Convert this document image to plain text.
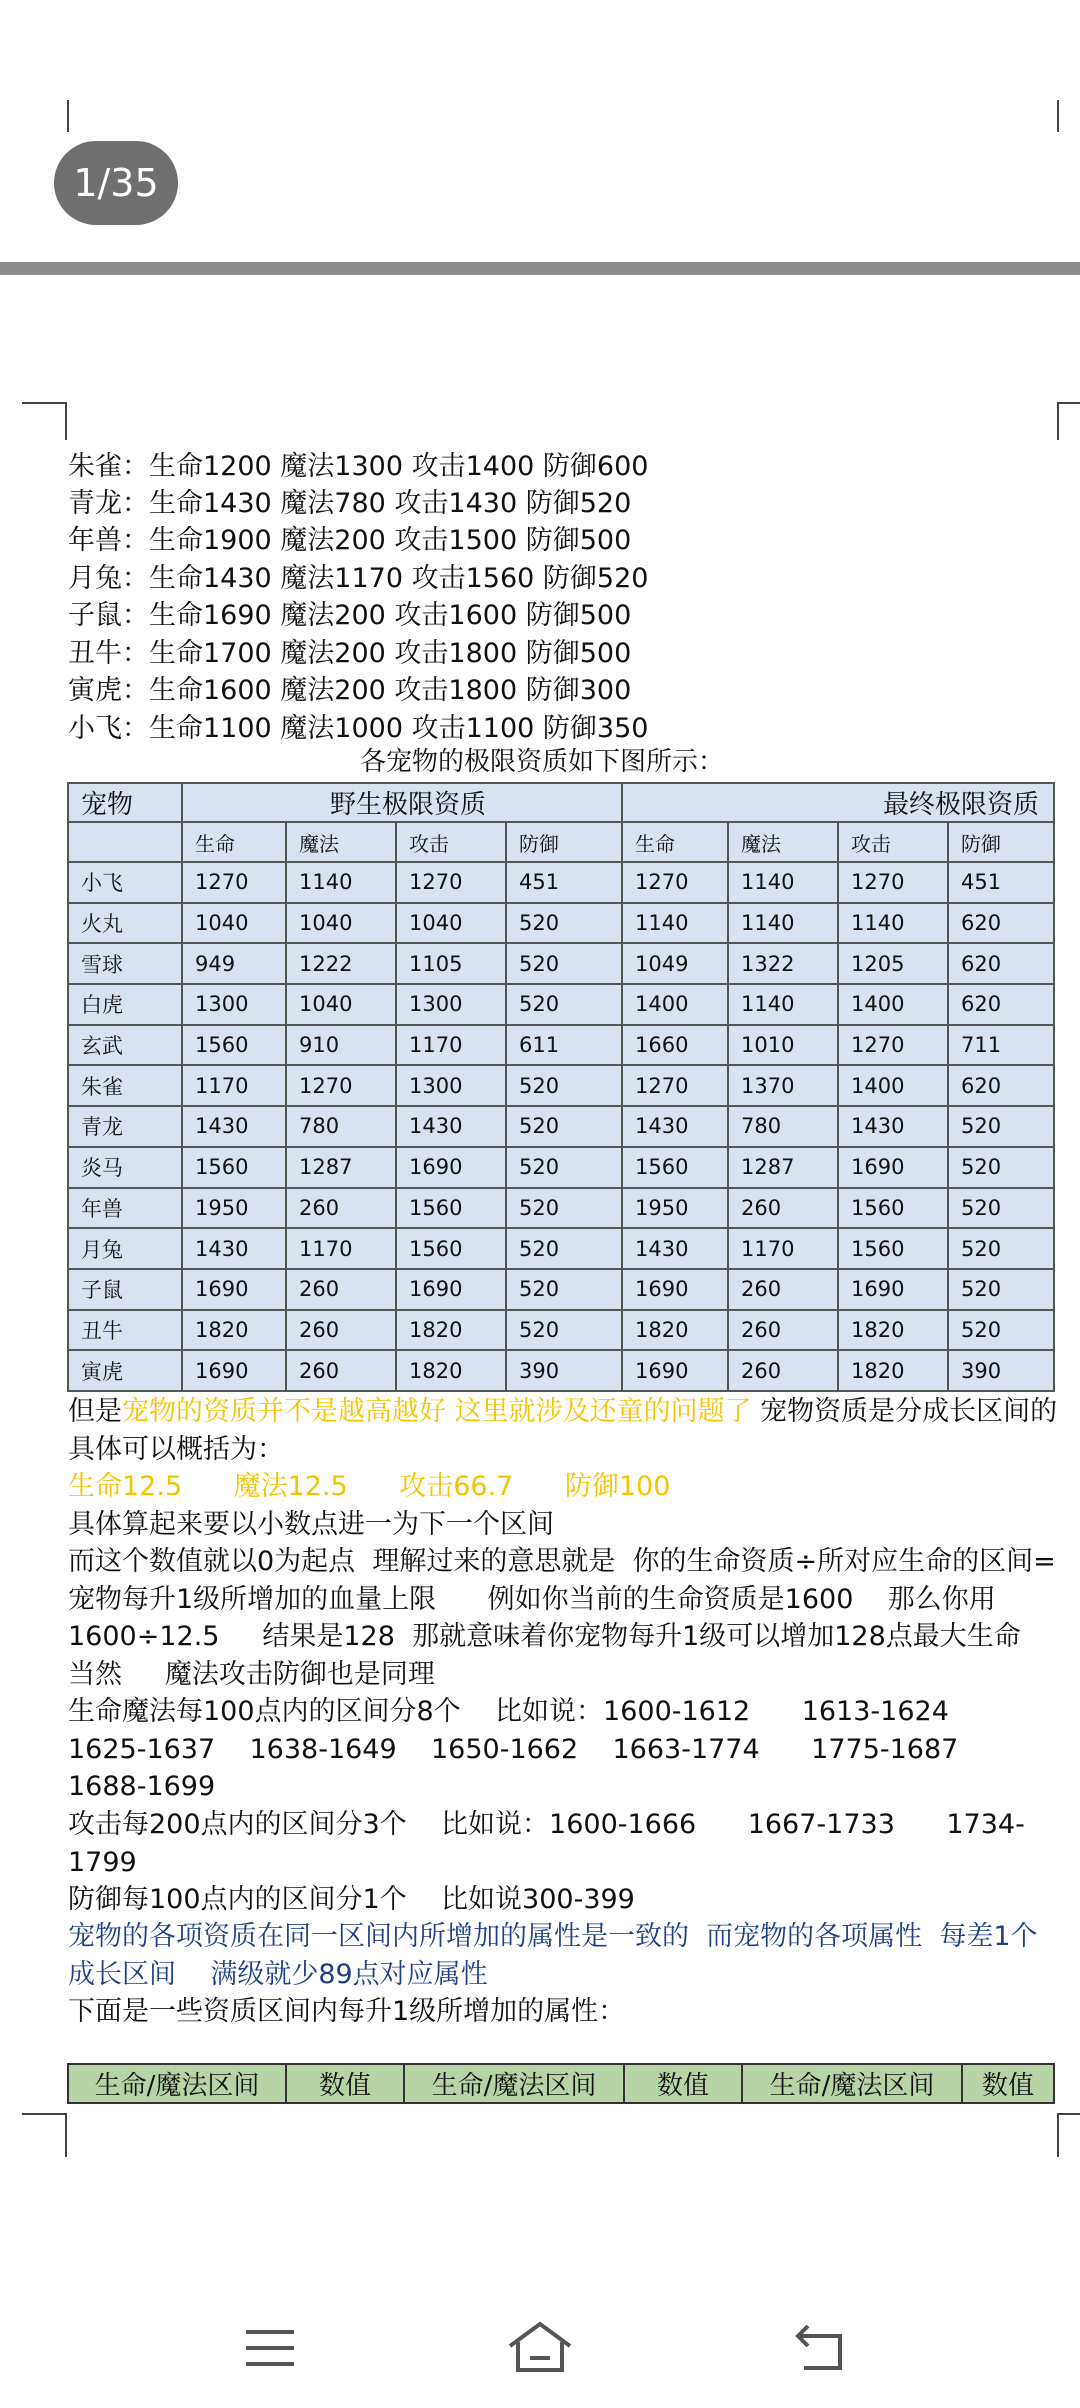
1/35
朱雀：生命1200 魔法1300 攻击1400 防御600
青龙：生命1430 魔法780 攻击1430 防御520
年兽：生命1900 魔法200 攻击1500 防御500
月兔：生命1430 魔法1170 攻击1560 防御520
子鼠：生命1690 魔法200 攻击1600 防御500
丑牛：生命1700 魔法200 攻击1800 防御500
寅虎：生命1600 魔法200 攻击1800 防御300
小飞：生命1100 魔法1000 攻击1100 防御350
各宠物的极限资质如下图所示：
宠物	野生极限资质				最终极限资质			
	生命	魔法	攻击	防御	生命	魔法	攻击	防御
小飞	1270	1140	1270	451	1270	1140	1270	451
火丸	1040	1040	1040	520	1140	1140	1140	620
雪球	949	1222	1105	520	1049	1322	1205	620
白虎	1300	1040	1300	520	1400	1140	1400	620
玄武	1560	910	1170	611	1660	1010	1270	711
朱雀	1170	1270	1300	520	1270	1370	1400	620
青龙	1430	780	1430	520	1430	780	1430	520
炎马	1560	1287	1690	520	1560	1287	1690	520
年兽	1950	260	1560	520	1950	260	1560	520
月兔	1430	1170	1560	520	1430	1170	1560	520
子鼠	1690	260	1690	520	1690	260	1690	520
丑牛	1820	260	1820	520	1820	260	1820	520
寅虎	1690	260	1820	390	1690	260	1820	390
但是宠物的资质并不是越高越好 这里就涉及还童的问题了 宠物资质是分成长区间的 具体可以概括为：
生命12.5      魔法12.5      攻击66.7      防御100
具体算起来要以小数点进一为下一个区间
而这个数值就以0为起点  理解过来的意思就是  你的生命资质÷所对应生命的区间=宠物每升1级所增加的血量上限      例如你当前的生命资质是1600    那么你用1600÷12.5     结果是128  那就意味着你宠物每升1级可以增加128点最大生命     当然     魔法攻击防御也是同理
生命魔法每100点内的区间分8个    比如说：1600-1612      1613-1624    1625-1637    1638-1649    1650-1662    1663-1774      1775-1687    1688-1699
攻击每200点内的区间分3个    比如说：1600-1666      1667-1733      1734-1799
防御每100点内的区间分1个    比如说300-399
宠物的各项资质在同一区间内所增加的属性是一致的  而宠物的各项属性  每差1个成长区间    满级就少89点对应属性
下面是一些资质区间内每升1级所增加的属性：
生命/魔法区间	数值	生命/魔法区间	数值	生命/魔法区间	数值
